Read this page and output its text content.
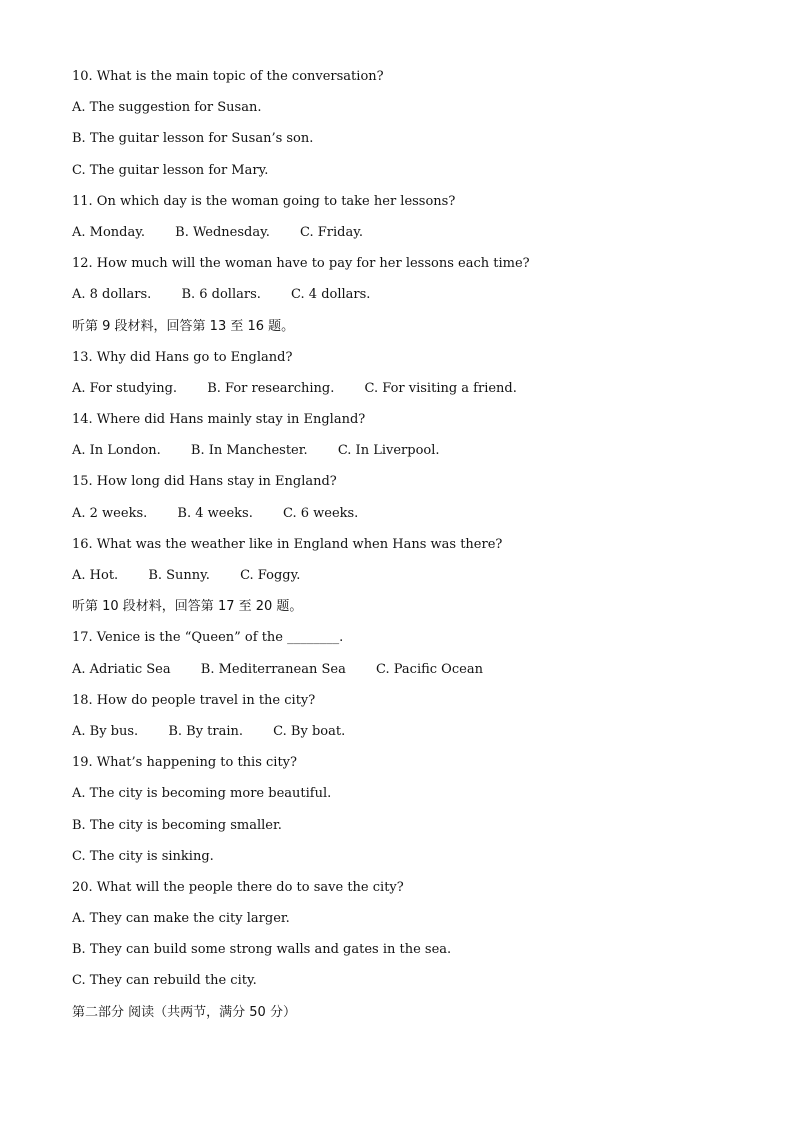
10. What is the main topic of the conversation?
A. The suggestion for Susan.
B. The guitar lesson for Susan’s son.
C. The guitar lesson for Mary.
11. On which day is the woman going to take her lessons?
A. Monday. B. Wednesday. C. Friday.
12. How much will the woman have to pay for her lessons each time?
A. 8 dollars. B. 6 dollars. C. 4 dollars.
听第 9 段材料，回答第 13 至 16 题。
13. Why did Hans go to England?
A. For studying. B. For researching. C. For visiting a friend.
14. Where did Hans mainly stay in England?
A. In London. B. In Manchester. C. In Liverpool.
15. How long did Hans stay in England?
A. 2 weeks. B. 4 weeks. C. 6 weeks.
16. What was the weather like in England when Hans was there?
A. Hot. B. Sunny. C. Foggy.
听第 10 段材料，回答第 17 至 20 题。
17. Venice is the “Queen” of the ________.
A. Adriatic Sea B. Mediterranean Sea C. Pacific Ocean
18. How do people travel in the city?
A. By bus. B. By train. C. By boat.
19. What’s happening to this city?
A. The city is becoming more beautiful.
B. The city is becoming smaller.
C. The city is sinking.
20. What will the people there do to save the city?
A. They can make the city larger.
B. They can build some strong walls and gates in the sea.
C. They can rebuild the city.
第二部分 阅读（共两节，满分 50 分）
